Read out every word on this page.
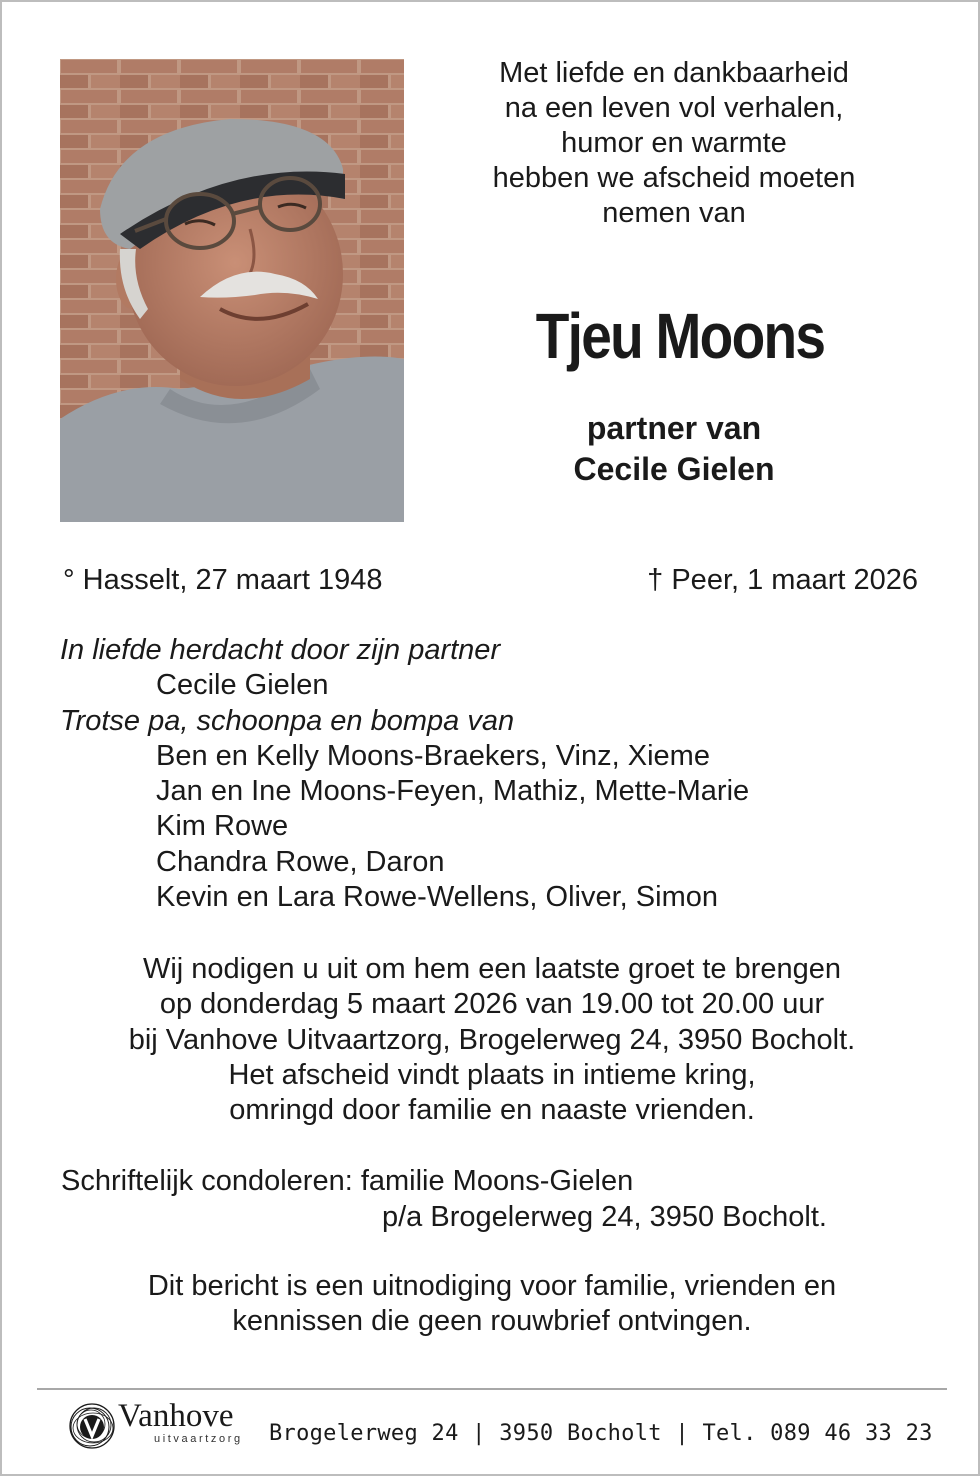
Met liefde en dankbaarheid
na een leven vol verhalen,
humor en warmte
hebben we afscheid moeten
nemen van
Tjeu Moons
partner van
Cecile Gielen
° Hasselt, 27 maart 1948	† Peer, 1 maart 2026
In liefde herdacht door zijn partner
Cecile Gielen
Trotse pa, schoonpa en bompa van
Ben en Kelly Moons-Braekers, Vinz, Xieme
Jan en Ine Moons-Feyen, Mathiz, Mette-Marie
Kim Rowe
Chandra Rowe, Daron
Kevin en Lara Rowe-Wellens, Oliver, Simon
Wij nodigen u uit om hem een laatste groet te brengen
op donderdag 5 maart 2026 van 19.00 tot 20.00 uur
bij Vanhove Uitvaartzorg, Brogelerweg 24, 3950 Bocholt.
Het afscheid vindt plaats in intieme kring,
omringd door familie en naaste vrienden.
Schriftelijk condoleren: familie Moons-Gielen
p/a Brogelerweg 24, 3950 Bocholt.
Dit bericht is een uitnodiging voor familie, vrienden en
kennissen die geen rouwbrief ontvingen.
Vanhove
uitvaartzorg Brogelerweg 24 | 3950 Bocholt | Tel. 089 46 33 23
